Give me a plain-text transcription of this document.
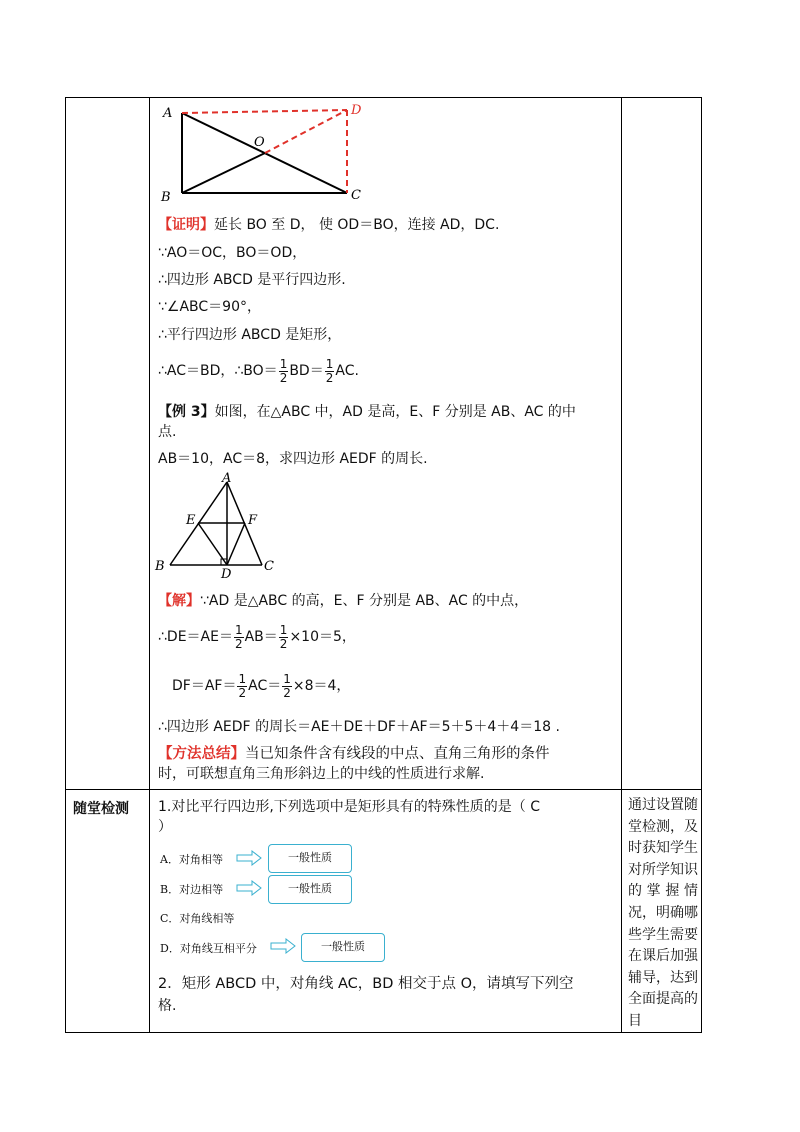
A
B	C
D
O
【证明】延长 BO 至 D， 使 OD＝BO，连接 AD，DC.
∵AO＝OC，BO＝OD，
∴四边形 ABCD 是平行四边形.
∵∠ABC＝90°，
∴平行四边形 ABCD 是矩形，
∴AC＝BD，∴BO＝ $\frac{1}{2} BD= \frac{1}{2}$ AC.
【例 3】如图，在△ABC 中，AD 是高，E、F 分别是 AB、AC 的中
点.
AB＝10，AC＝8，求四边形 AEDF 的周长.
A
B	C
D
E	F
【解】∵AD 是△ABC 的高，E、F 分别是 AB、AC 的中点，
∴DE＝AE＝ $\frac{1}{2} AB= \frac{1}{2} \times 10=5$，
$DF=AF= \frac{1}{2} AC= \frac{1}{2} \times 8=4$，
∴四边形 AEDF 的周长＝AE＋DE＋DF＋AF＝5＋5＋4＋4＝18 .
【方法总结】当已知条件含有线段的中点、直角三角形的条件
时，可联想直角三角形斜边上的中线的性质进行求解.
随堂检测 1.对比平行四边形,下列选项中是矩形具有的特殊性质的是（ C
）
A．对角相等	一般性质
B．对边相等	一般性质
C．对角线相等
D．对角线互相平分	一般性质
2．矩形 ABCD 中，对角线 AC，BD 相交于点 O，请填写下列空
格.
通过设置随堂检测，及时获知学生对所学知识的掌握情况，明确哪些学生需要在课后加强辅导，达到全面提高的目
